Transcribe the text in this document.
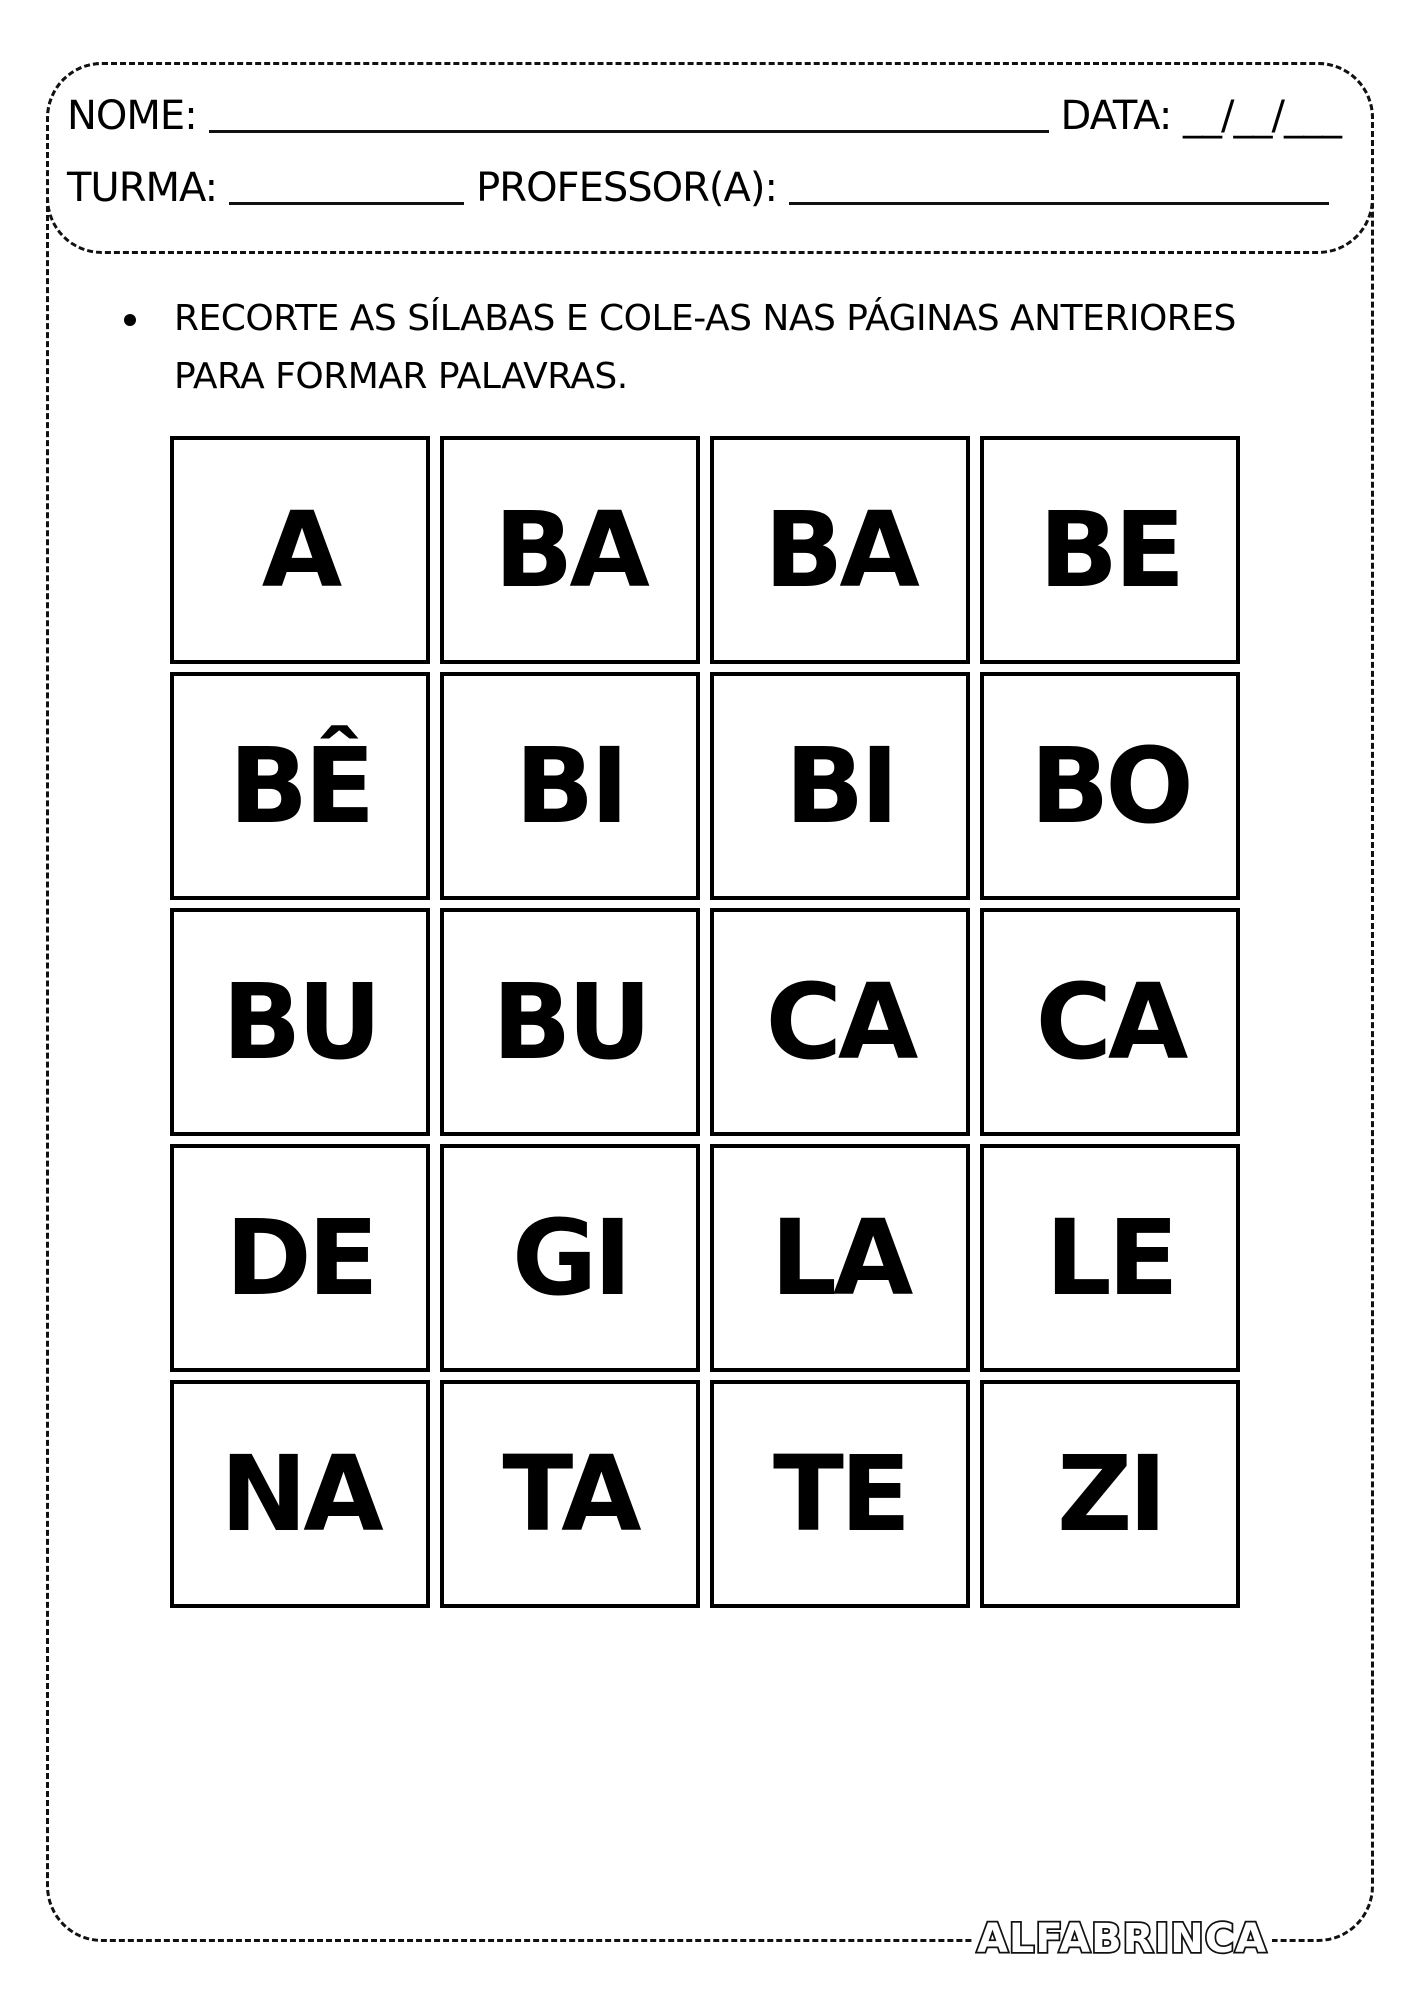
NOME:	DATA: __/__/___
TURMA:	PROFESSOR(A):
RECORTE AS SÍLABAS E COLE-AS NAS PÁGINAS ANTERIORES PARA FORMAR PALAVRAS.
A	BA	BA	BE
BÊ	BI	BI	BO
BU	BU	CA	CA
DE	GI	LA	LE
NA	TA	TE	ZI
ALFABRINCA
